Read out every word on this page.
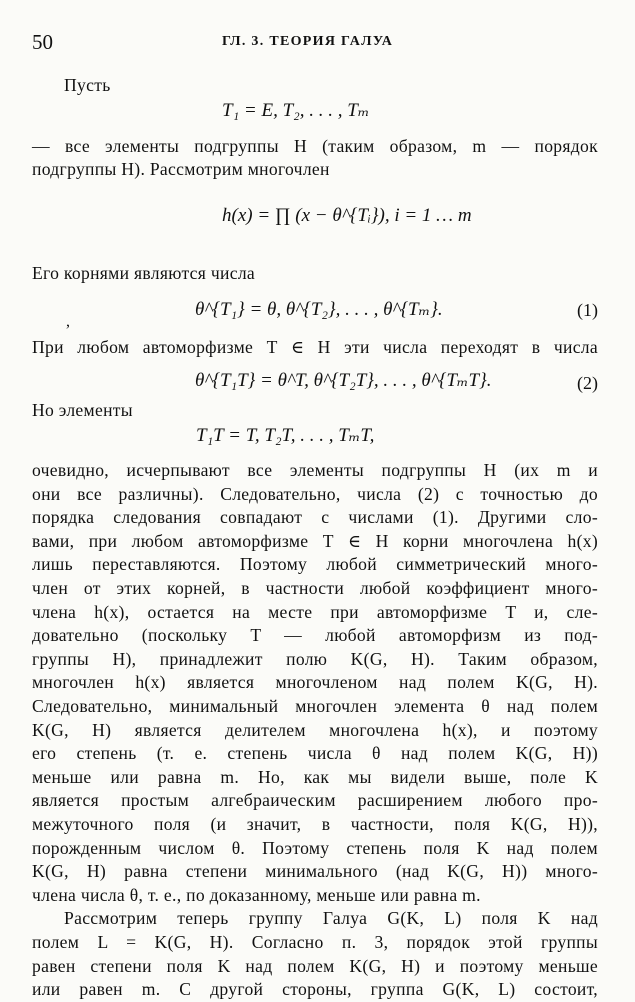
50	ГЛ. 3. ТЕОРИЯ ГАЛУА
Пусть
T₁ = E, T₂, . . . , Tₘ
— все элементы подгруппы H (таким образом, m — порядок
подгруппы H). Рассмотрим многочлен
h(x) = ∏ (x − θ^{Tᵢ}), i = 1 … m
Его корнями являются числа
,
θ^{T₁} = θ, θ^{T₂}, . . . , θ^{Tₘ}.	(1)
При любом автоморфизме T ∈ H эти числа переходят в числа
θ^{T₁T} = θ^T, θ^{T₂T}, . . . , θ^{TₘT}.	(2)
Но элементы
T₁T = T, T₂T, . . . , TₘT,
очевидно, исчерпывают все элементы подгруппы H (их m и
они все различны). Следовательно, числа (2) с точностью до
порядка следования совпадают с числами (1). Другими сло-
вами, при любом автоморфизме T ∈ H корни многочлена h(x)
лишь переставляются. Поэтому любой симметрический много-
член от этих корней, в частности любой коэффициент много-
члена h(x), остается на месте при автоморфизме T и, сле-
довательно (поскольку T — любой автоморфизм из под-
группы H), принадлежит полю K(G, H). Таким образом,
многочлен h(x) является многочленом над полем K(G, H).
Следовательно, минимальный многочлен элемента θ над полем
K(G, H) является делителем многочлена h(x), и поэтому
его степень (т. е. степень числа θ над полем K(G, H))
меньше или равна m. Но, как мы видели выше, поле K
является простым алгебраическим расширением любого про-
межуточного поля (и значит, в частности, поля K(G, H)),
порожденным числом θ. Поэтому степень поля K над полем
K(G, H) равна степени минимального (над K(G, H)) много-
члена числа θ, т. е., по доказанному, меньше или равна m.
Рассмотрим теперь группу Галуа G(K, L) поля K над
полем L = K(G, H). Согласно п. 3, порядок этой группы
равен степени поля K над полем K(G, H) и поэтому меньше
или равен m. С другой стороны, группа G(K, L) состоит,
